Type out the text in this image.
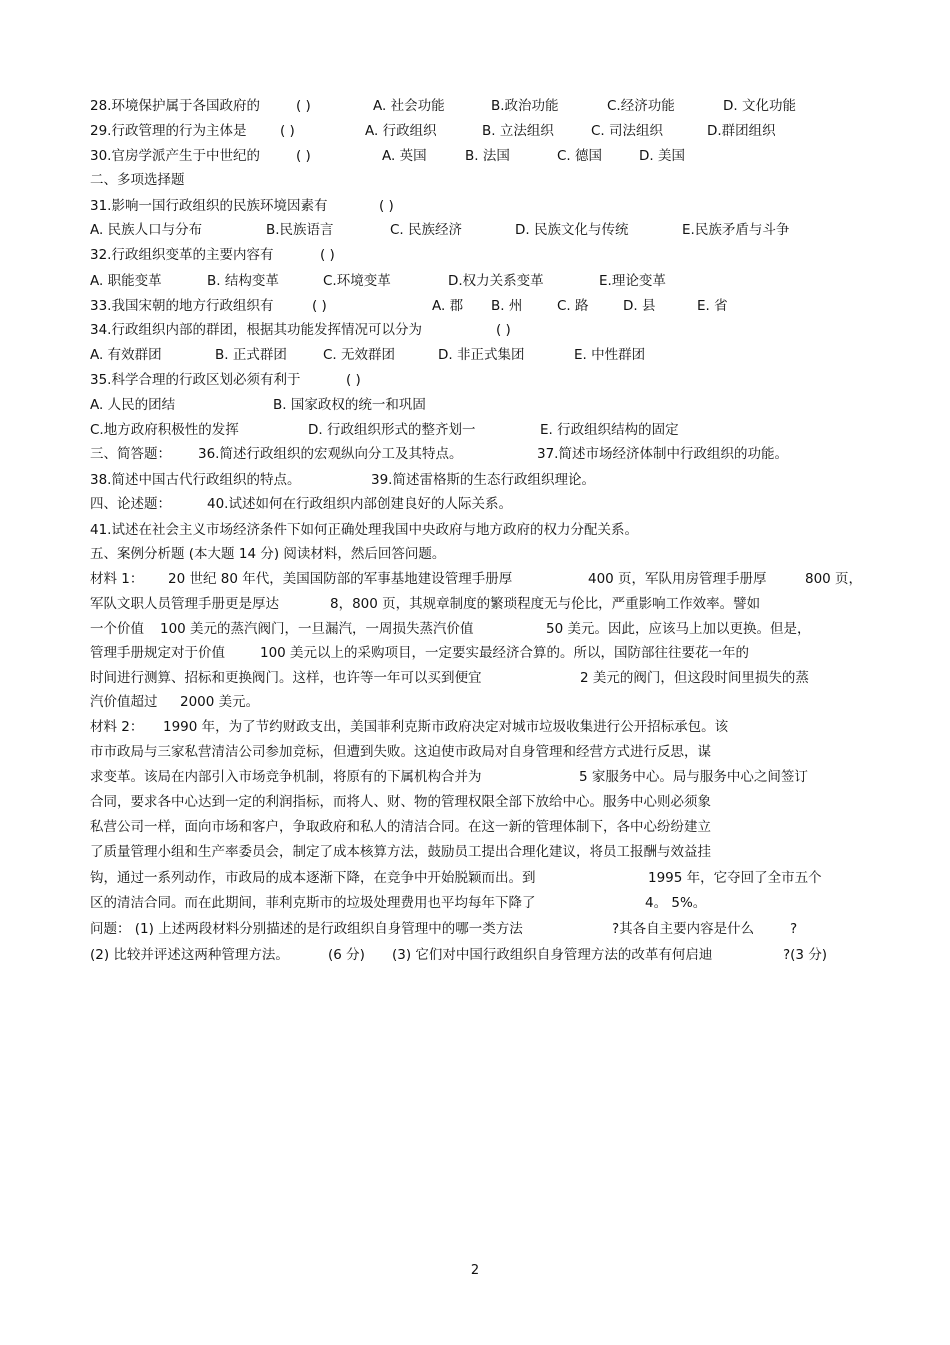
28.环境保护属于各国政府的	( )	A. 社会功能	B.政治功能	C.经济功能	D. 文化功能
29.行政管理的行为主体是 ( )	A. 行政组织	B. 立法组织	C. 司法组织	D.群团组织
30.官房学派产生于中世纪的	( )	A. 英国	B. 法国	C. 德国	D. 美国
二、多项选择题
31.影响一国行政组织的民族环境因素有	( )
A. 民族人口与分布	B.民族语言	C. 民族经济	D. 民族文化与传统	E.民族矛盾与斗争
32.行政组织变革的主要内容有	( )
A. 职能变革	B. 结构变革	C.环境变革	D.权力关系变革	E.理论变革
33.我国宋朝的地方行政组织有	( )	A. 郡 B. 州	C. 路	D. 县	E. 省
34.行政组织内部的群团，根据其功能发挥情况可以分为	( )
A. 有效群团	B. 正式群团	C. 无效群团	D. 非正式集团	E. 中性群团
35.科学合理的行政区划必须有利于	( )
A. 人民的团结	B. 国家政权的统一和巩固
C.地方政府积极性的发挥	D. 行政组织形式的整齐划一	E. 行政组织结构的固定
三、简答题： 36.简述行政组织的宏观纵向分工及其特点。	37.简述市场经济体制中行政组织的功能。
38.简述中国古代行政组织的特点。	39.简述雷格斯的生态行政组织理论。
四、论述题：	40.试述如何在行政组织内部创建良好的人际关系。
41.试述在社会主义市场经济条件下如何正确处理我国中央政府与地方政府的权力分配关系。
五、案例分析题 (本大题 14 分) 阅读材料，然后回答问题。
材料 1： 20 世纪 80 年代，美国国防部的军事基地建设管理手册厚	400 页，军队用房管理手册厚	800 页，
军队文职人员管理手册更是厚达	8，800 页，其规章制度的繁琐程度无与伦比，严重影响工作效率。譬如
一个价值 100 美元的蒸汽阀门，一旦漏汽，一周损失蒸汽价值	50 美元。因此，应该马上加以更换。但是，
管理手册规定对于价值	100 美元以上的采购项目，一定要实最经济合算的。所以，国防部往往要花一年的
时间进行测算、招标和更换阀门。这样，也许等一年可以买到便宜	2 美元的阀门，但这段时间里损失的蒸
汽价值超过 2000 美元。
材料 2： 1990 年，为了节约财政支出，美国菲利克斯市政府决定对城市垃圾收集进行公开招标承包。该
市市政局与三家私营清洁公司参加竞标，但遭到失败。这迫使市政局对自身管理和经营方式进行反思，谋
求变革。该局在内部引入市场竞争机制，将原有的下属机构合并为	5 家服务中心。局与服务中心之间签订
合同，要求各中心达到一定的利润指标，而将人、财、物的管理权限全部下放给中心。服务中心则必须象
私营公司一样，面向市场和客户，争取政府和私人的清洁合同。在这一新的管理体制下，各中心纷纷建立
了质量管理小组和生产率委员会，制定了成本核算方法，鼓励员工提出合理化建议，将员工报酬与效益挂
钩，通过一系列动作，市政局的成本逐渐下降，在竞争中开始脱颖而出。到	1995 年，它夺回了全市五个
区的清洁合同。而在此期间，菲利克斯市的垃圾处理费用也平均每年下降了	4。 5%。
问题： (1) 上述两段材料分别描述的是行政组织自身管理中的哪一类方法	?其各自主要内容是什么	?
(2) 比较并评述这两种管理方法。	(6 分) (3) 它们对中国行政组织自身管理方法的改革有何启迪	?(3 分)
2
